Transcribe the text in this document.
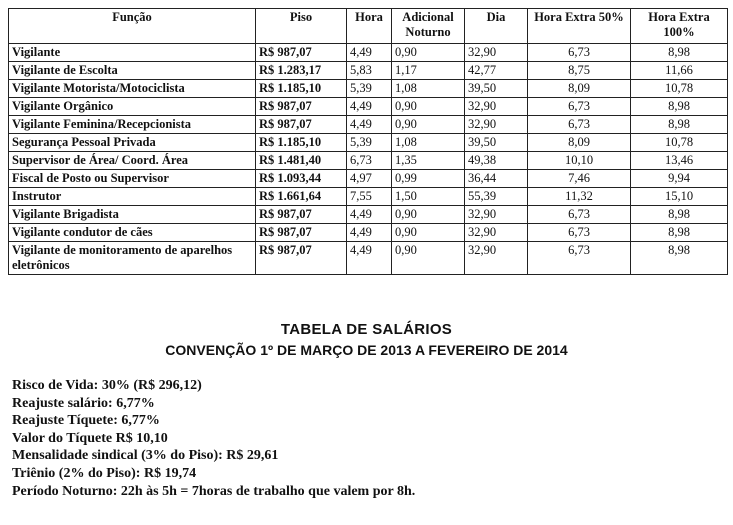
Função	Piso	Hora	Adicional Noturno	Dia	Hora Extra 50%	Hora Extra 100%
Vigilante	R$ 987,07	4,49	0,90	32,90	6,73	8,98
Vigilante de Escolta	R$ 1.283,17	5,83	1,17	42,77	8,75	11,66
Vigilante Motorista/Motociclista	R$ 1.185,10	5,39	1,08	39,50	8,09	10,78
Vigilante Orgânico	R$ 987,07	4,49	0,90	32,90	6,73	8,98
Vigilante Feminina/Recepcionista	R$ 987,07	4,49	0,90	32,90	6,73	8,98
Segurança Pessoal Privada	R$ 1.185,10	5,39	1,08	39,50	8,09	10,78
Supervisor de Área/ Coord. Área	R$ 1.481,40	6,73	1,35	49,38	10,10	13,46
Fiscal de Posto ou Supervisor	R$ 1.093,44	4,97	0,99	36,44	7,46	9,94
Instrutor	R$ 1.661,64	7,55	1,50	55,39	11,32	15,10
Vigilante Brigadista	R$ 987,07	4,49	0,90	32,90	6,73	8,98
Vigilante condutor de cães	R$ 987,07	4,49	0,90	32,90	6,73	8,98
Vigilante de monitoramento de aparelhos eletrônicos	R$ 987,07	4,49	0,90	32,90	6,73	8,98
TABELA DE SALÁRIOS
CONVENÇÃO 1º DE MARÇO DE 2013 A FEVEREIRO DE 2014
Risco de Vida: 30% (R$ 296,12)
Reajuste salário: 6,77%
Reajuste Tíquete: 6,77%
Valor do Tíquete R$ 10,10
Mensalidade sindical (3% do Piso): R$ 29,61
Triênio (2% do Piso): R$ 19,74
Período Noturno: 22h às 5h = 7horas de trabalho que valem por 8h.
